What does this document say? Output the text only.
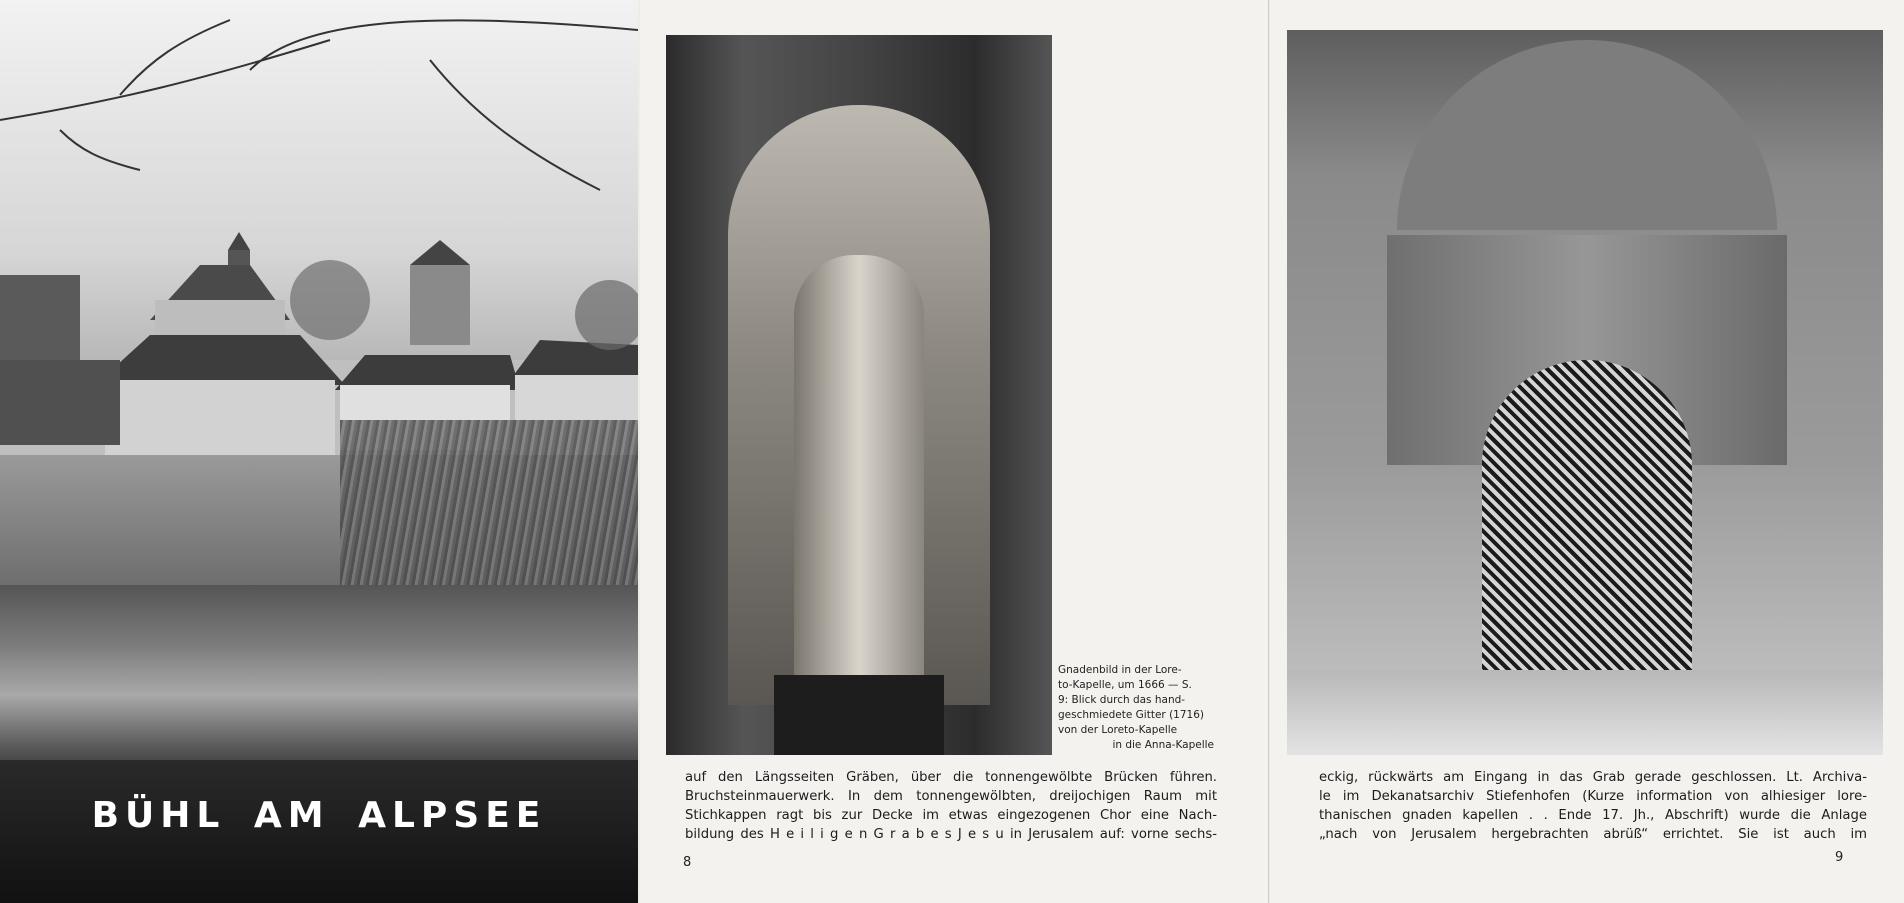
BÜHL AM ALPSEE
Gnadenbild in der Lore-
to-Kapelle, um 1666 — S.
9: Blick durch das hand-
geschmiedete Gitter (1716)
von der Loreto-Kapelle
in die Anna-Kapelle
auf den Längsseiten Gräben, über die tonnengewölbte Brücken führen.
Bruchsteinmauerwerk. In dem tonnengewölbten, dreijochigen Raum mit
Stichkappen ragt bis zur Decke im etwas eingezogenen Chor eine Nach-
bildung des H e i l i g e n G r a b e s J e s u in Jerusalem auf: vorne sechs-
8
eckig, rückwärts am Eingang in das Grab gerade geschlossen. Lt. Archiva-
le im Dekanatsarchiv Stiefenhofen (Kurze information von alhiesiger lore-
thanischen gnaden kapellen . . Ende 17. Jh., Abschrift) wurde die Anlage
„nach von Jerusalem hergebrachten abrüß“ errichtet. Sie ist auch im
9
